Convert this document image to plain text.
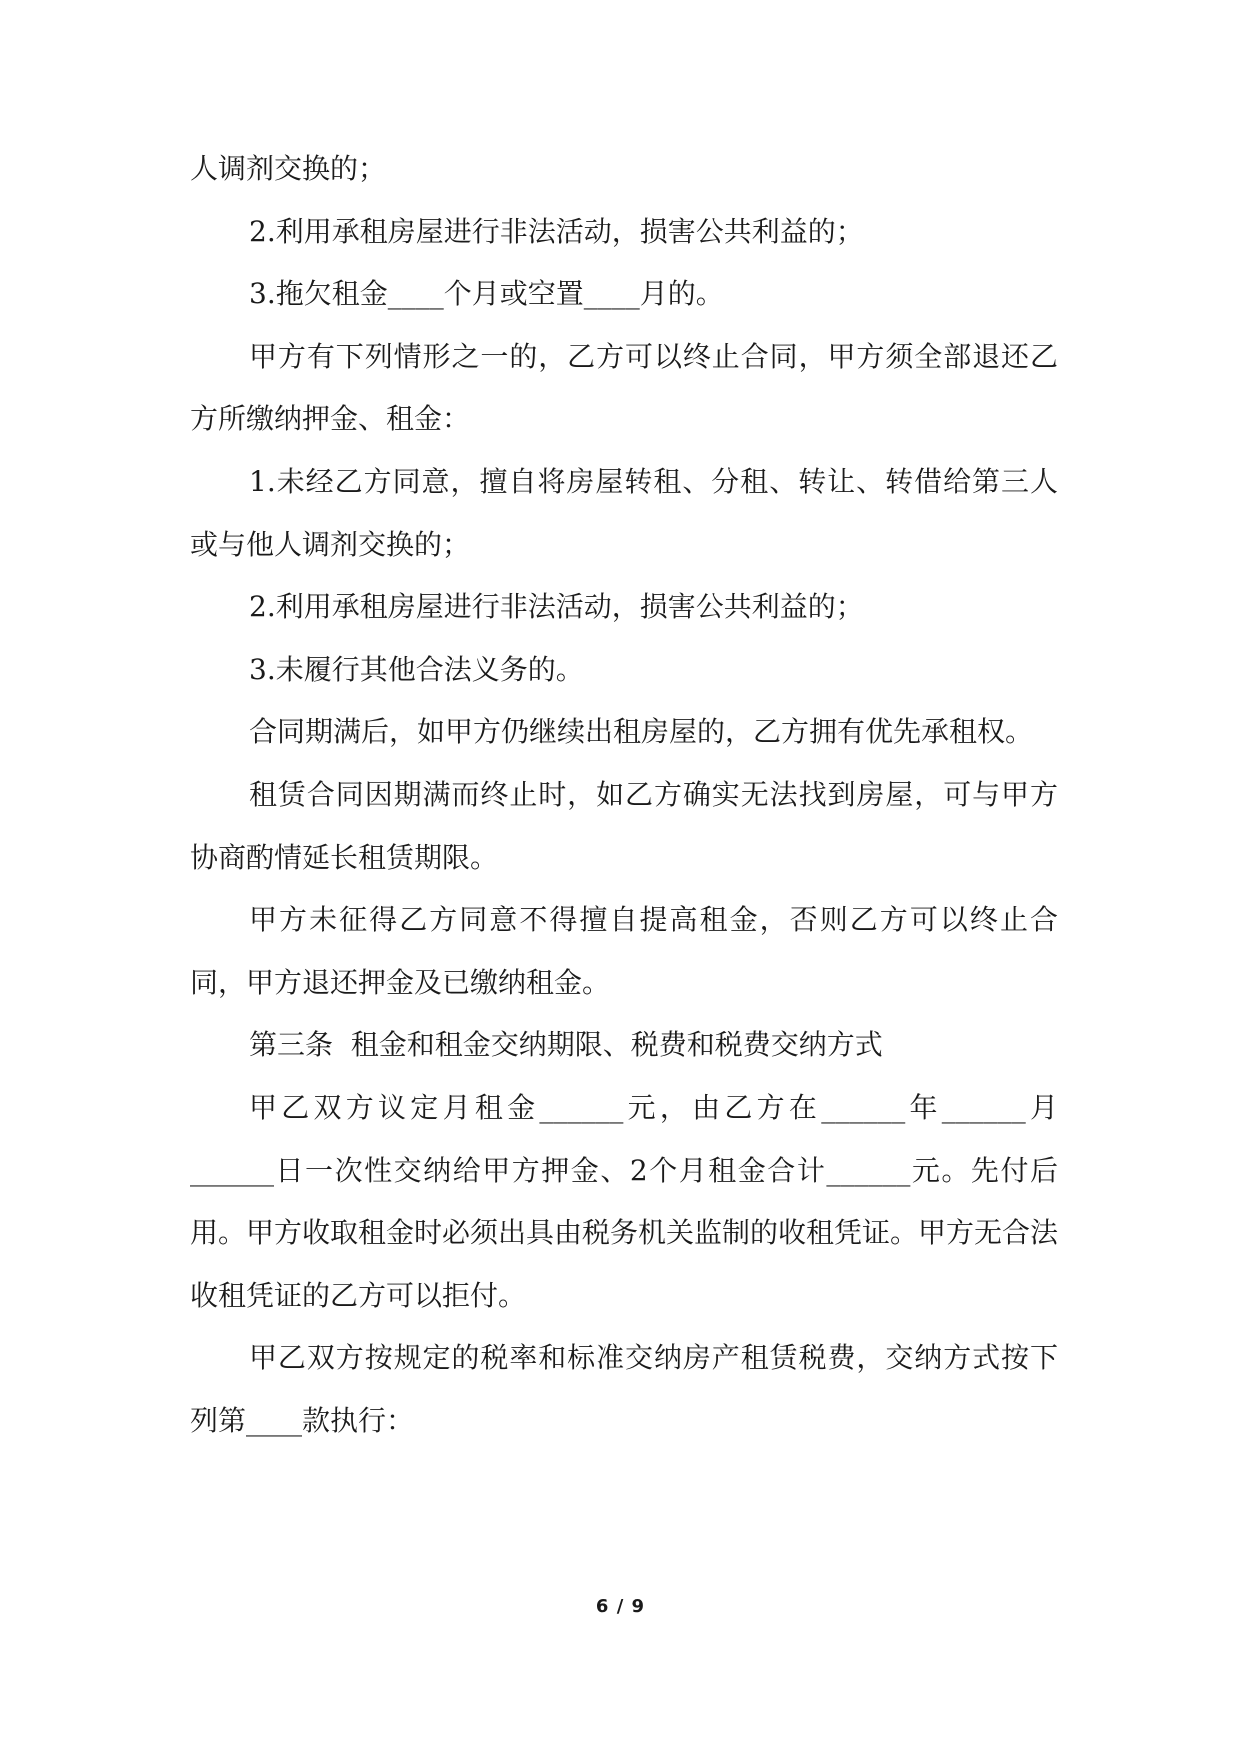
人调剂交换的；

2.利用承租房屋进行非法活动，损害公共利益的；

3.拖欠租金____个月或空置____月的。

甲方有下列情形之一的，乙方可以终止合同，甲方须全部退还乙方所缴纳押金、租金：

1.未经乙方同意，擅自将房屋转租、分租、转让、转借给第三人或与他人调剂交换的；

2.利用承租房屋进行非法活动，损害公共利益的；

3.未履行其他合法义务的。

合同期满后，如甲方仍继续出租房屋的，乙方拥有优先承租权。

租赁合同因期满而终止时，如乙方确实无法找到房屋，可与甲方协商酌情延长租赁期限。

甲方未征得乙方同意不得擅自提高租金，否则乙方可以终止合同，甲方退还押金及已缴纳租金。

第三条  租金和租金交纳期限、税费和税费交纳方式

甲乙双方议定月租金______元，由乙方在______年______月______日一次性交纳给甲方押金、2个月租金合计______元。先付后用。甲方收取租金时必须出具由税务机关监制的收租凭证。甲方无合法收租凭证的乙方可以拒付。

甲乙双方按规定的税率和标准交纳房产租赁税费，交纳方式按下列第____款执行：

6 / 9
